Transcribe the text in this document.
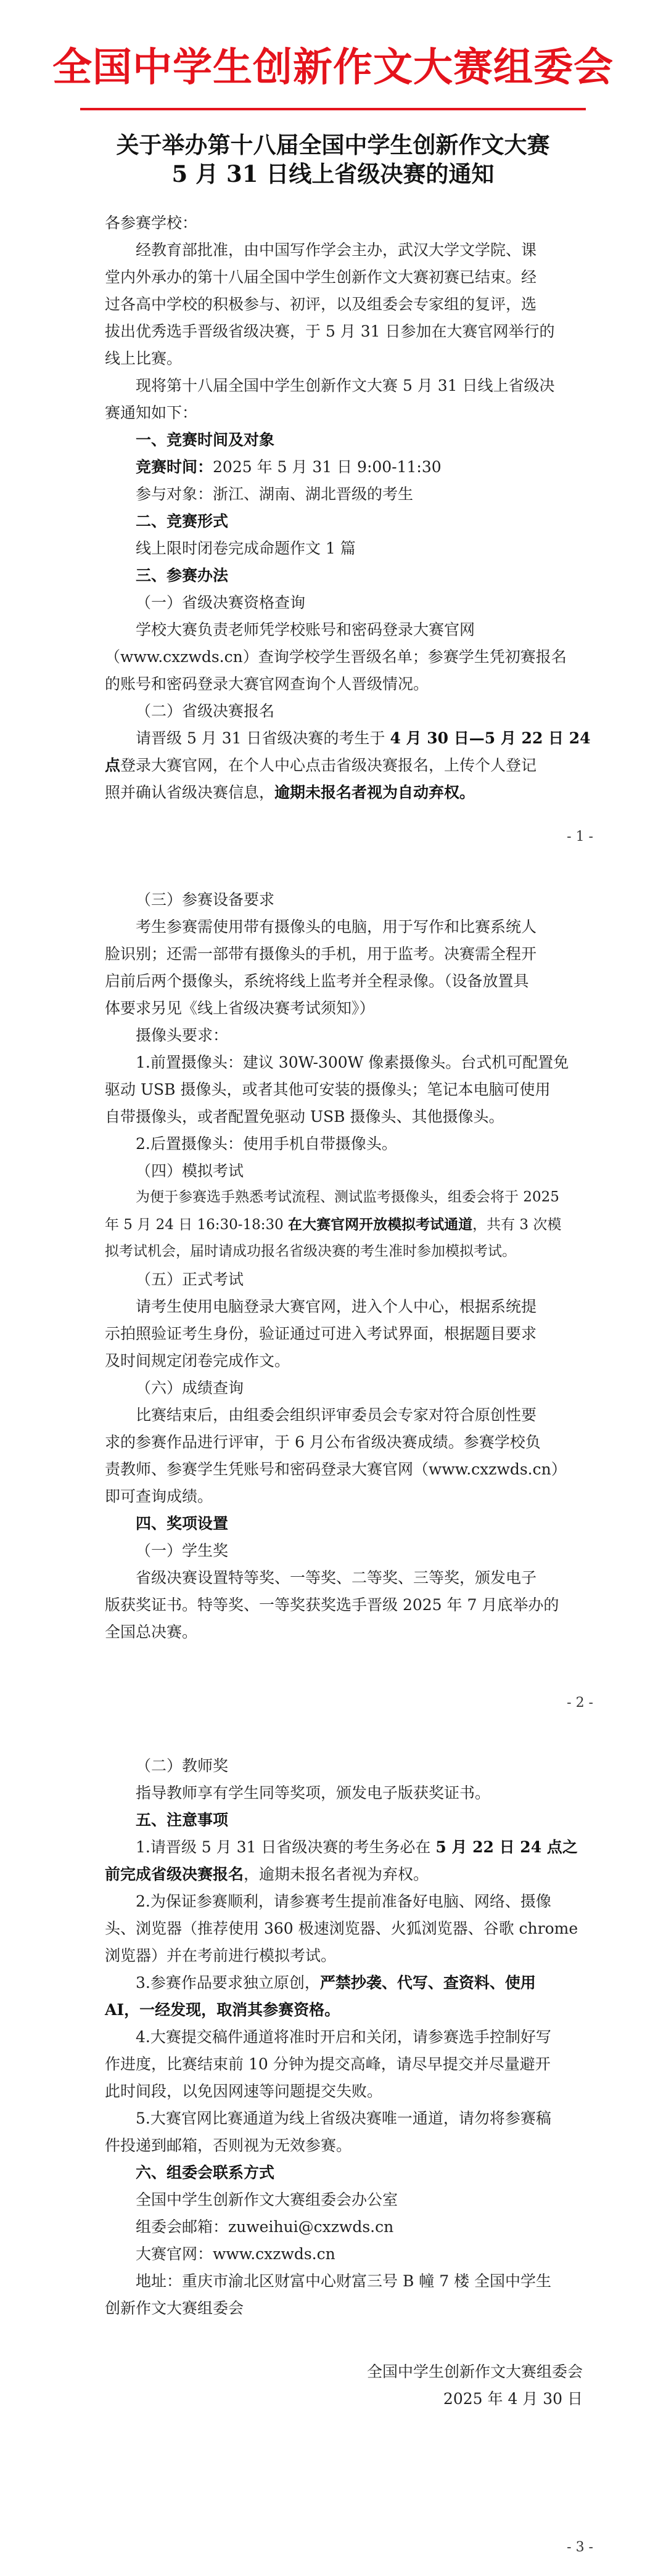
全国中学生创新作文大赛组委会
关于举办第十八届全国中学生创新作文大赛
5 月 31 日线上省级决赛的通知
各参赛学校：
经教育部批准，由中国写作学会主办，武汉大学文学院、课
堂内外承办的第十八届全国中学生创新作文大赛初赛已结束。经
过各高中学校的积极参与、初评，以及组委会专家组的复评，选
拔出优秀选手晋级省级决赛，于 5 月 31 日参加在大赛官网举行的
线上比赛。
现将第十八届全国中学生创新作文大赛 5 月 31 日线上省级决
赛通知如下：
一、竞赛时间及对象
竞赛时间：2025 年 5 月 31 日 9:00-11:30
参与对象：浙江、湖南、湖北晋级的考生
二、竞赛形式
线上限时闭卷完成命题作文 1 篇
三、参赛办法
（一）省级决赛资格查询
学校大赛负责老师凭学校账号和密码登录大赛官网
（www.cxzwds.cn）查询学校学生晋级名单；参赛学生凭初赛报名
的账号和密码登录大赛官网查询个人晋级情况。
（二）省级决赛报名
请晋级 5 月 31 日省级决赛的考生于 4 月 30 日—5 月 22 日 24
点登录大赛官网，在个人中心点击省级决赛报名，上传个人登记
照并确认省级决赛信息，逾期未报名者视为自动弃权。
- 1 -
（三）参赛设备要求
考生参赛需使用带有摄像头的电脑，用于写作和比赛系统人
脸识别；还需一部带有摄像头的手机，用于监考。决赛需全程开
启前后两个摄像头，系统将线上监考并全程录像。（设备放置具
体要求另见《线上省级决赛考试须知》）
摄像头要求：
1.前置摄像头：建议 30W-300W 像素摄像头。台式机可配置免
驱动 USB 摄像头，或者其他可安装的摄像头；笔记本电脑可使用
自带摄像头，或者配置免驱动 USB 摄像头、其他摄像头。
2.后置摄像头：使用手机自带摄像头。
（四）模拟考试
为便于参赛选手熟悉考试流程、测试监考摄像头，组委会将于 2025
年 5 月 24 日 16:30-18:30 在大赛官网开放模拟考试通道，共有 3 次模
拟考试机会，届时请成功报名省级决赛的考生准时参加模拟考试。
（五）正式考试
请考生使用电脑登录大赛官网，进入个人中心，根据系统提
示拍照验证考生身份，验证通过可进入考试界面，根据题目要求
及时间规定闭卷完成作文。
（六）成绩查询
比赛结束后，由组委会组织评审委员会专家对符合原创性要
求的参赛作品进行评审，于 6 月公布省级决赛成绩。参赛学校负
责教师、参赛学生凭账号和密码登录大赛官网（www.cxzwds.cn）
即可查询成绩。
四、奖项设置
（一）学生奖
省级决赛设置特等奖、一等奖、二等奖、三等奖，颁发电子
版获奖证书。特等奖、一等奖获奖选手晋级 2025 年 7 月底举办的
全国总决赛。
- 2 -
（二）教师奖
指导教师享有学生同等奖项，颁发电子版获奖证书。
五、注意事项
1.请晋级 5 月 31 日省级决赛的考生务必在 5 月 22 日 24 点之
前完成省级决赛报名，逾期未报名者视为弃权。
2.为保证参赛顺利，请参赛考生提前准备好电脑、网络、摄像
头、浏览器（推荐使用 360 极速浏览器、火狐浏览器、谷歌 chrome
浏览器）并在考前进行模拟考试。
3.参赛作品要求独立原创，严禁抄袭、代写、查资料、使用
AI，一经发现，取消其参赛资格。
4.大赛提交稿件通道将准时开启和关闭，请参赛选手控制好写
作进度，比赛结束前 10 分钟为提交高峰，请尽早提交并尽量避开
此时间段，以免因网速等问题提交失败。
5.大赛官网比赛通道为线上省级决赛唯一通道，请勿将参赛稿
件投递到邮箱，否则视为无效参赛。
六、组委会联系方式
全国中学生创新作文大赛组委会办公室
组委会邮箱：zuweihui@cxzwds.cn
大赛官网：www.cxzwds.cn
地址：重庆市渝北区财富中心财富三号 B 幢 7 楼 全国中学生
创新作文大赛组委会
全国中学生创新作文大赛组委会
2025 年 4 月 30 日
- 3 -
